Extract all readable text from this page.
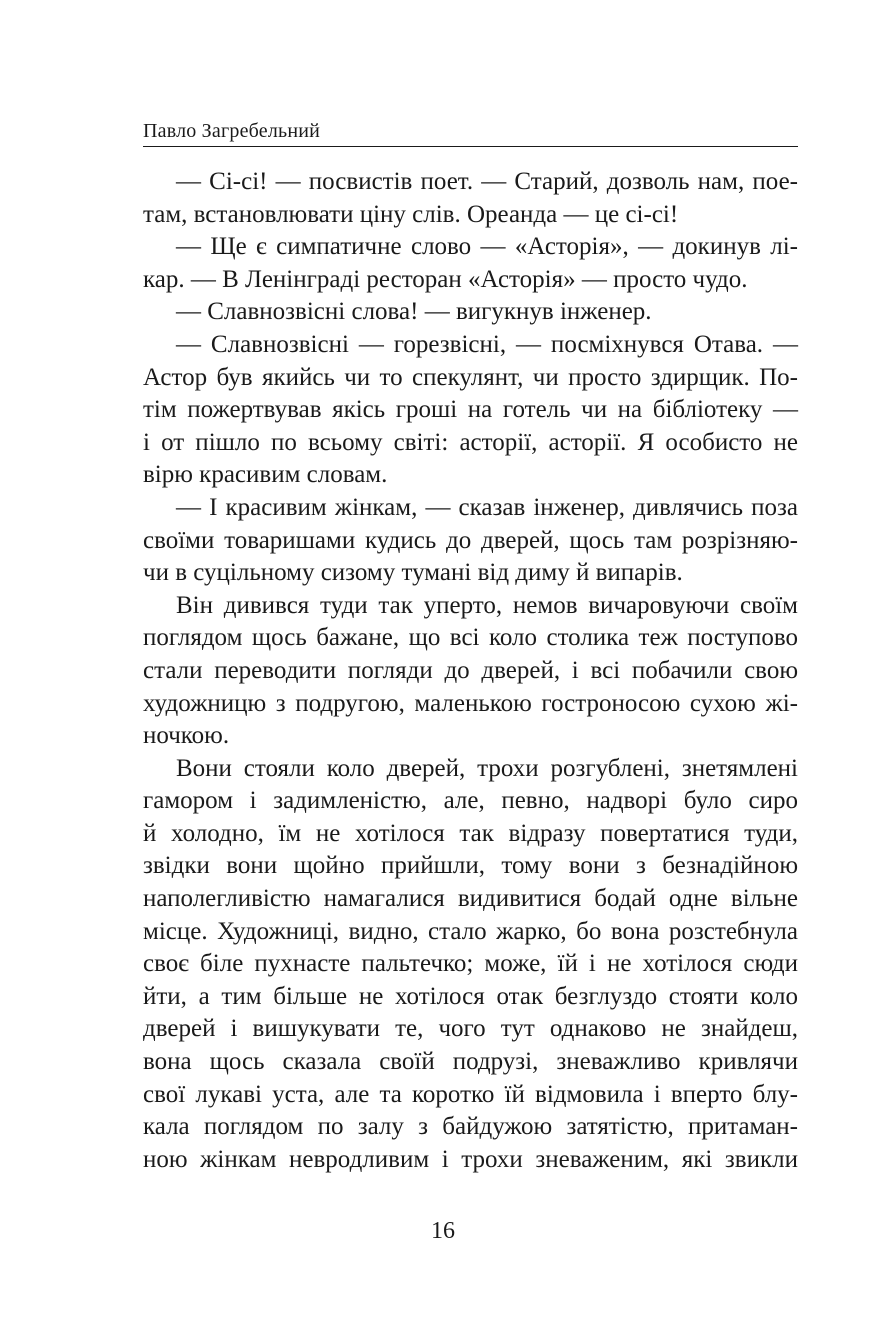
Павло Загребельний
— Сі-сі! — посвистів поет. — Старий, дозволь нам, пое-
там, встановлювати ціну слів. Ореанда — це сі-сі!
— Ще є симпатичне слово — «Асторія», — докинув лі-
кар. — В Ленінграді ресторан «Асторія» — просто чудо.
— Славнозвісні слова! — вигукнув інженер.
— Славнозвісні — горезвісні, — посміхнувся Отава. —
Астор був якийсь чи то спекулянт, чи просто здирщик. По-
тім пожертвував якісь гроші на готель чи на бібліотеку —
і от пішло по всьому світі: асторії, асторії. Я особисто не
вірю красивим словам.
— І красивим жінкам, — сказав інженер, дивлячись поза
своїми товаришами кудись до дверей, щось там розрізняю-
чи в суцільному сизому тумані від диму й випарів.
Він дивився туди так уперто, немов вичаровуючи своїм
поглядом щось бажане, що всі коло столика теж поступово
стали переводити погляди до дверей, і всі побачили свою
художницю з подругою, маленькою гостроносою сухою жі-
ночкою.
Вони стояли коло дверей, трохи розгублені, знетямлені
гамором і задимленістю, але, певно, надворі було сиро
й холодно, їм не хотілося так відразу повертатися туди,
звідки вони щойно прийшли, тому вони з безнадійною
наполегливістю намагалися видивитися бодай одне вільне
місце. Художниці, видно, стало жарко, бо вона розстебнула
своє біле пухнасте пальтечко; може, їй і не хотілося сюди
йти, а тим більше не хотілося отак безглуздо стояти коло
дверей і вишукувати те, чого тут однаково не знайдеш,
вона щось сказала своїй подрузі, зневажливо кривлячи
свої лукаві уста, але та коротко їй відмовила і вперто блу-
кала поглядом по залу з байдужою затятістю, притаман-
ною жінкам невродливим і трохи зневаженим, які звикли
16
